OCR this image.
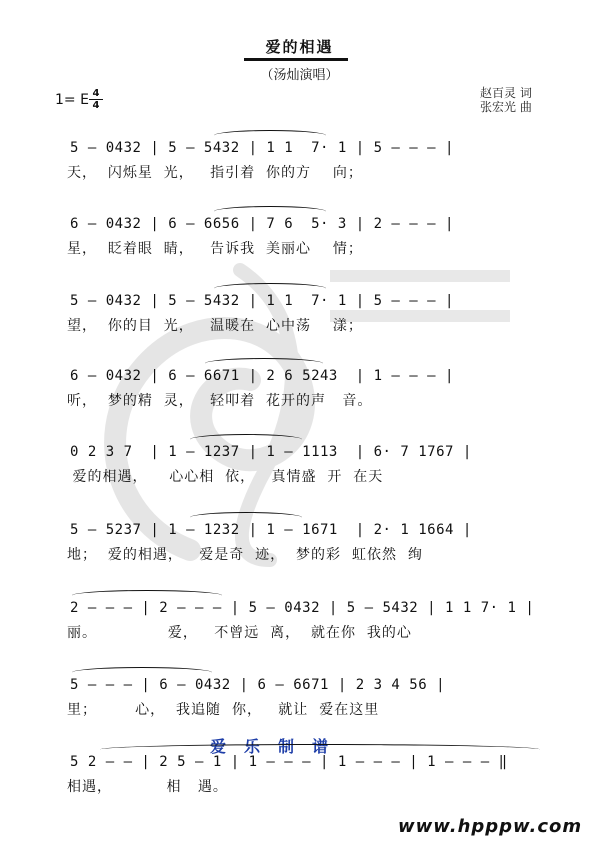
爱的相遇
（汤灿演唱）
赵百灵 词
张宏光 曲
1= E 4
4
5 – 0432 | 5 – 5432 | 1 1  7· 1 | 5 – – – |
天，  闪烁星  光，   指引着  你的方    向；
6 – 0432 | 6 – 6656 | 7 6  5· 3 | 2 – – – |
星，  眨着眼  睛，   告诉我  美丽心    情；
5 – 0432 | 5 – 5432 | 1 1  7· 1 | 5 – – – |
望，  你的目  光，   温暖在  心中荡    漾；
6 – 0432 | 6 – 6671 | 2 6 5243  | 1 – – – |
听，  梦的精  灵，   轻叩着  花开的声   音。
0 2 3 7  | 1 – 1237 | 1 – 1113  | 6· 7 1767 |
爱的相遇，    心心相  依，   真情盛  开  在天
5 – 5237 | 1 – 1232 | 1 – 1671  | 2· 1 1664 |
地；  爱的相遇，   爱是奇  迹，  梦的彩  虹依然  绚
2 – – – | 2 – – – | 5 – 0432 | 5 – 5432 | 1 1 7· 1 |
丽。             爱，   不曾远  离，  就在你  我的心
5 – – – | 6 – 0432 | 6 – 6671 | 2 3 4 56 |
里；       心，  我追随  你，   就让  爱在这里
爱乐制谱
5 2 – – | 2 5 – 1 | 1 – – – | 1 – – – | 1 – – – ‖
相遇，          相   遇。
www.hpppw.com
